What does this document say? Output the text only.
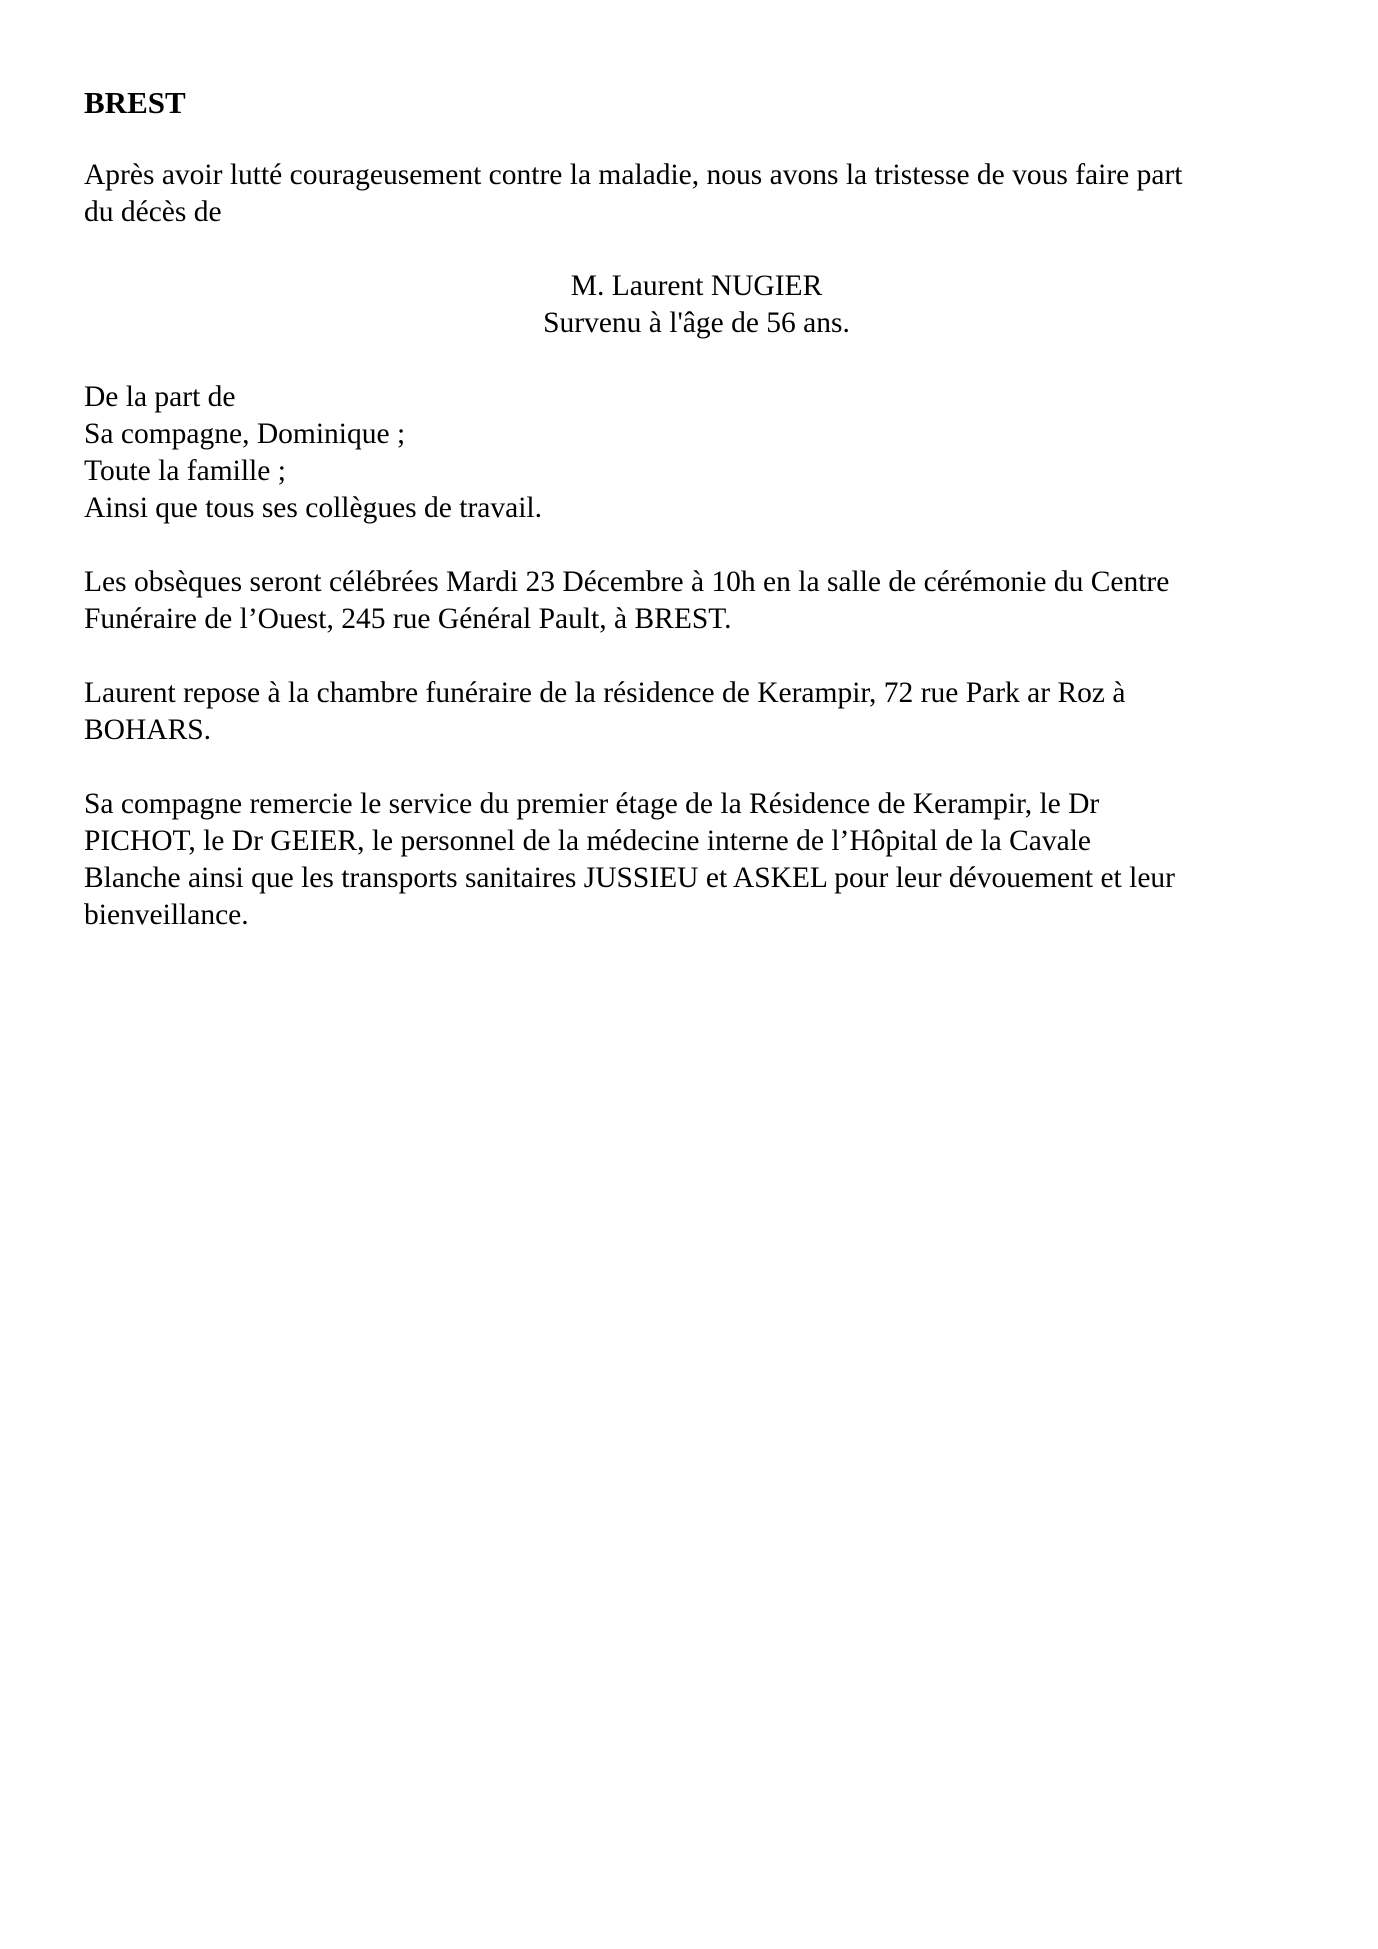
BREST

Après avoir lutté courageusement contre la maladie, nous avons la tristesse de vous faire part
du décès de

M. Laurent NUGIER
Survenu à l'âge de 56 ans.

De la part de
Sa compagne, Dominique ;
Toute la famille ;
Ainsi que tous ses collègues de travail.

Les obsèques seront célébrées Mardi 23 Décembre à 10h en la salle de cérémonie du Centre
Funéraire de l’Ouest, 245 rue Général Pault, à BREST.

Laurent repose à la chambre funéraire de la résidence de Kerampir, 72 rue Park ar Roz à
BOHARS.

Sa compagne remercie le service du premier étage de la Résidence de Kerampir, le Dr
PICHOT, le Dr GEIER, le personnel de la médecine interne de l’Hôpital de la Cavale
Blanche ainsi que les transports sanitaires JUSSIEU et ASKEL pour leur dévouement et leur
bienveillance.
